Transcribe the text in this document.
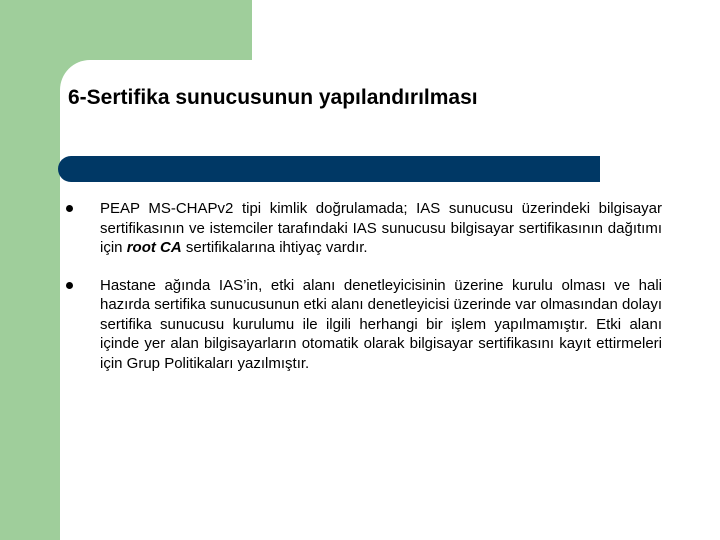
6-Sertifika sunucusunun yapılandırılması
PEAP MS-CHAPv2 tipi kimlik doğrulamada; IAS sunucusu üzerindeki bilgisayar sertifikasının ve istemciler tarafındaki IAS sunucusu bilgisayar sertifikasının dağıtımı için root CA sertifikalarına ihtiyaç vardır.
Hastane ağında IAS’in, etki alanı denetleyicisinin üzerine kurulu olması ve hali hazırda sertifika sunucusunun etki alanı denetleyicisi üzerinde var olmasından dolayı sertifika sunucusu kurulumu ile ilgili herhangi bir işlem yapılmamıştır. Etki alanı içinde yer alan bilgisayarların otomatik olarak bilgisayar sertifikasını kayıt ettirmeleri için Grup Politikaları yazılmıştır.
